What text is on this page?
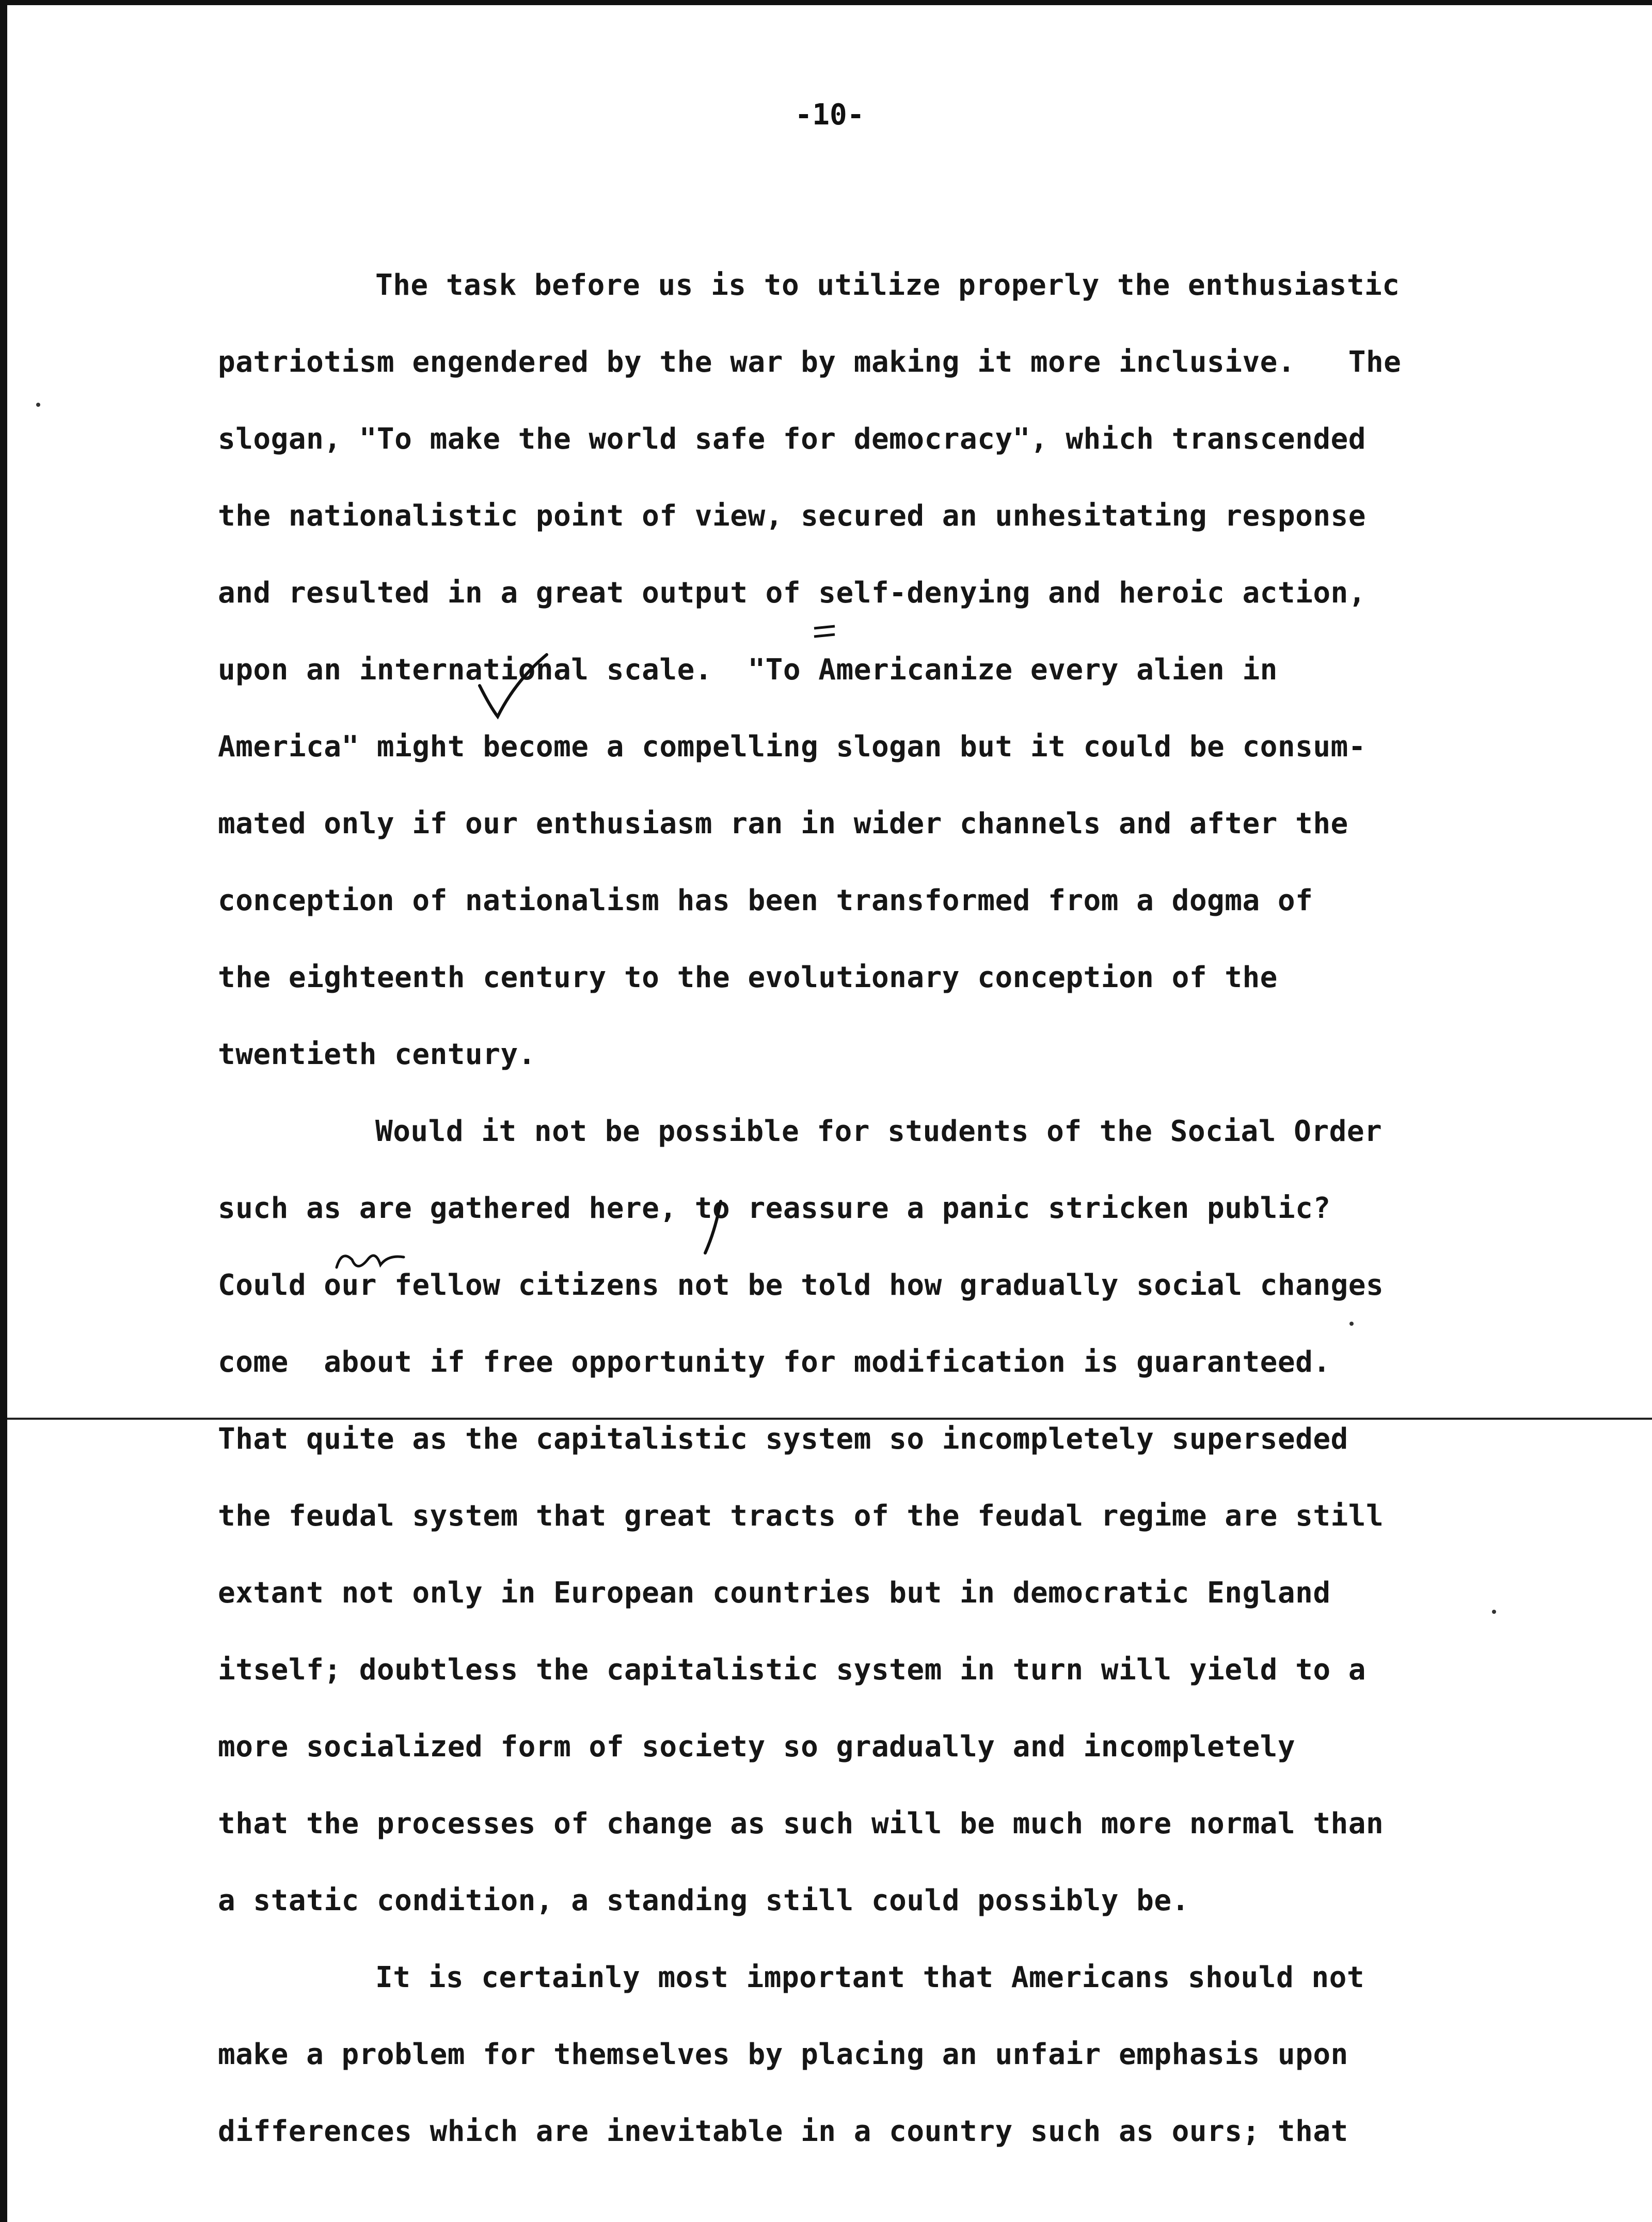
-10-
The task before us is to utilize properly the enthusiastic
patriotism engendered by the war by making it more inclusive.   The
slogan, "To make the world safe for democracy", which transcended
the nationalistic point of view, secured an unhesitating response
and resulted in a great output of self-denying and heroic action,
upon an international scale.  "To Americanize every alien in
America" might become a compelling slogan but it could be consum-
mated only if our enthusiasm ran in wider channels and after the
conception of nationalism has been transformed from a dogma of
the eighteenth century to the evolutionary conception of the
twentieth century.
Would it not be possible for students of the Social Order
such as are gathered here, to reassure a panic stricken public?
Could our fellow citizens not be told how gradually social changes
come  about if free opportunity for modification is guaranteed.
That quite as the capitalistic system so incompletely superseded
the feudal system that great tracts of the feudal regime are still
extant not only in European countries but in democratic England
itself; doubtless the capitalistic system in turn will yield to a
more socialized form of society so gradually and incompletely
that the processes of change as such will be much more normal than
a static condition, a standing still could possibly be.
It is certainly most important that Americans should not
make a problem for themselves by placing an unfair emphasis upon
differences which are inevitable in a country such as ours; that
